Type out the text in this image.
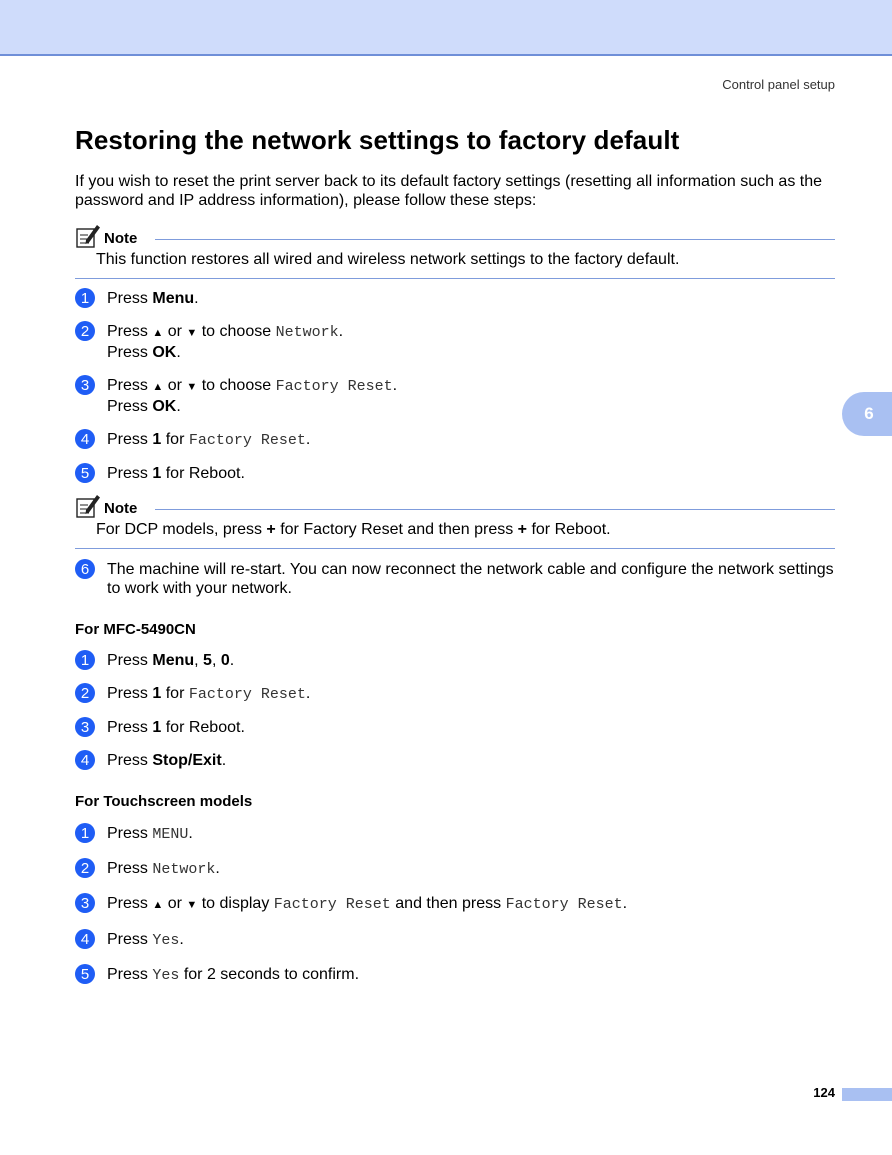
Control panel setup
6
Restoring the network settings to factory default

If you wish to reset the print server back to its default factory settings (resetting all information such as the password and IP address information), please follow these steps:

Note

This function restores all wired and wireless network settings to the factory default.

1	Press Menu.
2	Press ▲ or ▼ to choose Network.
Press OK.
3	Press ▲ or ▼ to choose Factory Reset.
Press OK.
4	Press 1 for Factory Reset.
5	Press 1 for Reboot.
Note

For DCP models, press + for Factory Reset and then press + for Reboot.

6	The machine will re-start. You can now reconnect the network cable and configure the network settings to work with your network.

For MFC-5490CN

1	Press Menu, 5, 0.
2	Press 1 for Factory Reset.
3	Press 1 for Reboot.
4	Press Stop/Exit.

For Touchscreen models

1	Press MENU.
2	Press Network.
3	Press ▲ or ▼ to display Factory Reset and then press Factory Reset.
4	Press Yes.
5	Press Yes for 2 seconds to confirm.
124
